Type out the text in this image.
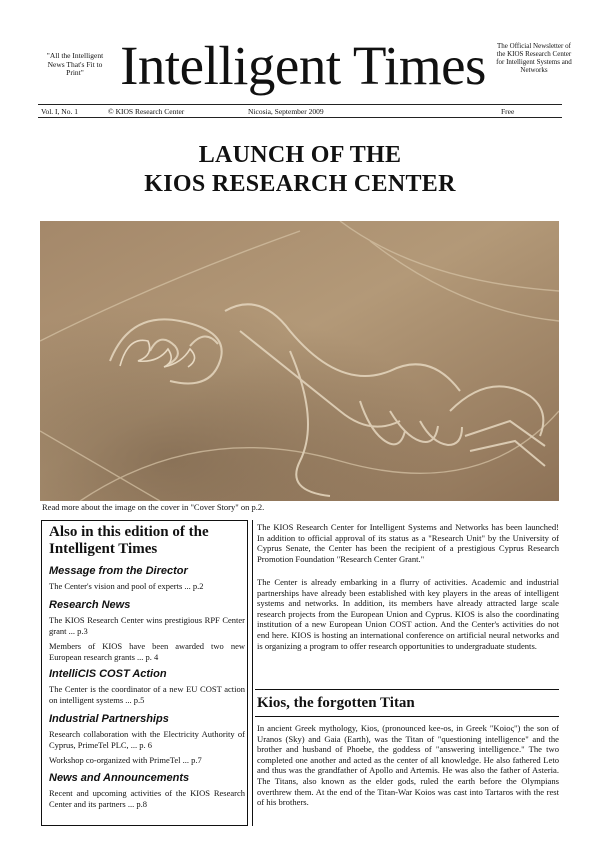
"All the Intelligent News That's Fit to Print" Intelligent Times	The Official Newsletter of the KIOS Research Center for Intelligent Systems and Networks
Vol. I, No. 1	© KIOS Research Center	Nicosia, September 2009	Free
LAUNCH OF THE
KIOS RESEARCH CENTER
Read more about the image on the cover in "Cover Story" on p.2.
Also in this edition of the Intelligent Times
Message from the Director
The Center's vision and pool of experts ... p.2
Research News
The KIOS Research Center wins prestigious RPF Center grant ... p.3
Members of KIOS have been awarded two new European research grants ... p. 4
IntelliCIS COST Action
The Center is the coordinator of a new EU COST action on intelligent systems ... p.5
Industrial Partnerships
Research collaboration with the Electricity Authority of Cyprus, PrimeTel PLC, ... p. 6
Workshop co-organized with PrimeTel ... p.7
News and Announcements
Recent and upcoming activities of the KIOS Research Center and its partners ... p.8
The KIOS Research Center for Intelligent Systems and Networks has been launched! In addition to official approval of its status as a "Research Unit" by the University of Cyprus Senate, the Center has been the recipient of a prestigious Cyprus Research Promotion Foundation "Research Center Grant."
The Center is already embarking in a flurry of activities. Academic and industrial partnerships have already been established with key players in the areas of intelligent systems and networks. In addition, its members have already attracted large scale research projects from the European Union and Cyprus. KIOS is also the coordinating institution of a new European Union COST action. And the Center's activities do not end here. KIOS is hosting an international conference on artificial neural networks and is organizing a program to offer research opportunities to undergraduate students.
Kios, the forgotten Titan
In ancient Greek mythology, Kios, (pronounced kee-os, in Greek "Koiος") the son of Uranos (Sky) and Gaia (Earth), was the Titan of "questioning intelligence" and the brother and husband of Phoebe, the goddess of "answering intelligence." The two completed one another and acted as the center of all knowledge. He also fathered Leto and thus was the grandfather of Apollo and Artemis. He was also the father of Asteria. The Titans, also known as the elder gods, ruled the earth before the Olympians overthrew them. At the end of the Titan-War Koios was cast into Tartaros with the rest of his brothers.
